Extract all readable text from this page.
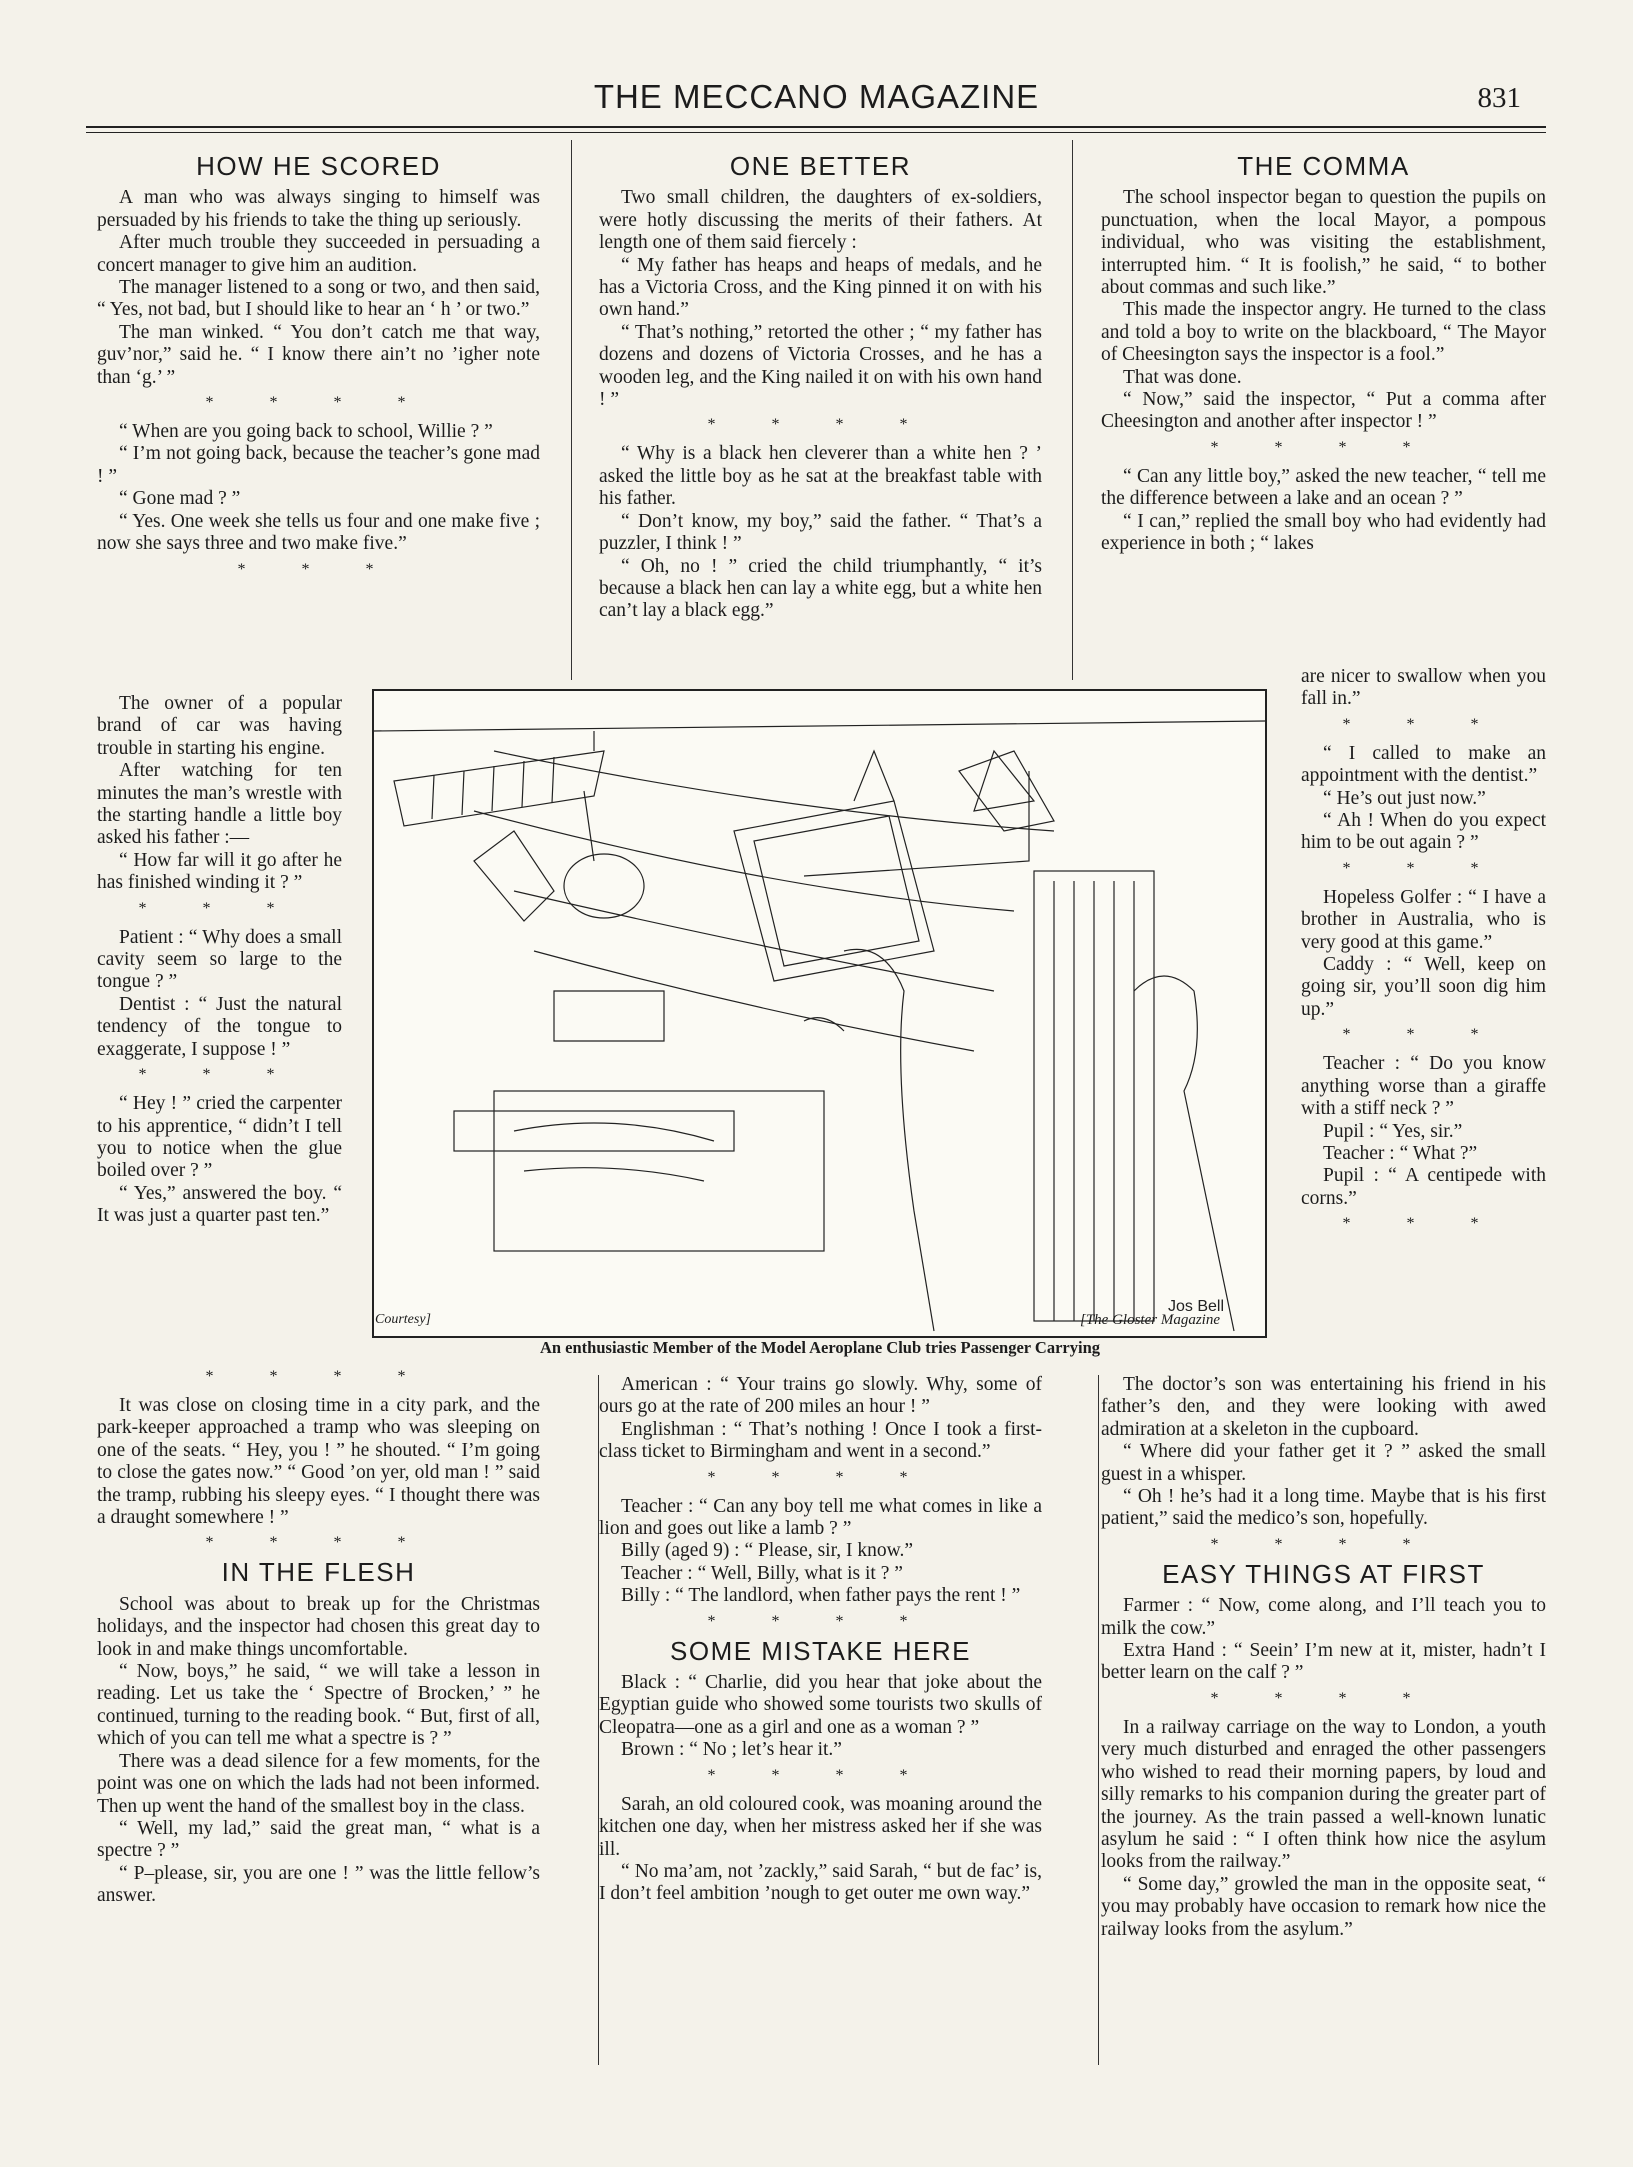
THE MECCANO MAGAZINE	831
HOW HE SCORED

A man who was always singing to himself was persuaded by his friends to take the thing up seriously.

After much trouble they succeeded in persuading a concert manager to give him an audition.

The manager listened to a song or two, and then said, “ Yes, not bad, but I should like to hear an ‘ h ’ or two.”

The man winked. “ You don’t catch me that way, guv’nor,” said he. “ I know there ain’t no ’igher note than ‘g.’ ”

* * * *

“ When are you going back to school, Willie ? ”

“ I’m not going back, because the teacher’s gone mad ! ”

“ Gone mad ? ”

“ Yes. One week she tells us four and one make five ; now she says three and two make five.”

* * *

The owner of a popular brand of car was having trouble in starting his engine.

After watching for ten minutes the man’s wrestle with the starting handle a little boy asked his father :—

“ How far will it go after he has finished winding it ? ”

* * *

Patient : “ Why does a small cavity seem so large to the tongue ? ”

Dentist : “ Just the natural tendency of the tongue to exaggerate, I suppose ! ”

* * *

“ Hey ! ” cried the carpenter to his apprentice, “ didn’t I tell you to notice when the glue boiled over ? ”

“ Yes,” answered the boy. “ It was just a quarter past ten.”

* * * *

It was close on closing time in a city park, and the park-keeper approached a tramp who was sleeping on one of the seats. “ Hey, you ! ” he shouted. “ I’m going to close the gates now.” “ Good ’on yer, old man ! ” said the tramp, rubbing his sleepy eyes. “ I thought there was a draught somewhere ! ”

* * * *
IN THE FLESH

School was about to break up for the Christmas holidays, and the inspector had chosen this great day to look in and make things uncomfortable.

“ Now, boys,” he said, “ we will take a lesson in reading. Let us take the ‘ Spectre of Brocken,’ ” he continued, turning to the reading book. “ But, first of all, which of you can tell me what a spectre is ? ”

There was a dead silence for a few moments, for the point was one on which the lads had not been informed. Then up went the hand of the smallest boy in the class.

“ Well, my lad,” said the great man, “ what is a spectre ? ”

“ P–please, sir, you are one ! ” was the little fellow’s answer.

ONE BETTER

Two small children, the daughters of ex-soldiers, were hotly discussing the merits of their fathers. At length one of them said fiercely :

“ My father has heaps and heaps of medals, and he has a Victoria Cross, and the King pinned it on with his own hand.”

“ That’s nothing,” retorted the other ; “ my father has dozens and dozens of Victoria Crosses, and he has a wooden leg, and the King nailed it on with his own hand ! ”

* * * *

“ Why is a black hen cleverer than a white hen ? ’ asked the little boy as he sat at the breakfast table with his father.

“ Don’t know, my boy,” said the father. “ That’s a puzzler, I think ! ”

“ Oh, no ! ” cried the child triumphantly, “ it’s because a black hen can lay a white egg, but a white hen can’t lay a black egg.”

American : “ Your trains go slowly. Why, some of ours go at the rate of 200 miles an hour ! ”

Englishman : “ That’s nothing ! Once I took a first-class ticket to Birmingham and went in a second.”

* * * *

Teacher : “ Can any boy tell me what comes in like a lion and goes out like a lamb ? ”

Billy (aged 9) : “ Please, sir, I know.”

Teacher : “ Well, Billy, what is it ? ”

Billy : “ The landlord, when father pays the rent ! ”

* * * *
SOME MISTAKE HERE

Black : “ Charlie, did you hear that joke about the Egyptian guide who showed some tourists two skulls of Cleopatra—one as a girl and one as a woman ? ”

Brown : “ No ; let’s hear it.”

* * * *

Sarah, an old coloured cook, was moaning around the kitchen one day, when her mistress asked her if she was ill.

“ No ma’am, not ’zackly,” said Sarah, “ but de fac’ is, I don’t feel ambition ’nough to get outer me own way.”

THE COMMA

The school inspector began to question the pupils on punctuation, when the local Mayor, a pompous individual, who was visiting the establishment, interrupted him. “ It is foolish,” he said, “ to bother about commas and such like.”

This made the inspector angry. He turned to the class and told a boy to write on the blackboard, “ The Mayor of Cheesington says the inspector is a fool.”

That was done.

“ Now,” said the inspector, “ Put a comma after Cheesington and another after inspector ! ”

* * * *

“ Can any little boy,” asked the new teacher, “ tell me the difference between a lake and an ocean ? ”

“ I can,” replied the small boy who had evidently had experience in both ; “ lakes

are nicer to swallow when you fall in.”

* * *

“ I called to make an appointment with the dentist.”

“ He’s out just now.”

“ Ah ! When do you expect him to be out again ? ”

* * *

Hopeless Golfer : “ I have a brother in Australia, who is very good at this game.”

Caddy : “ Well, keep on going sir, you’ll soon dig him up.”

* * *

Teacher : “ Do you know anything worse than a giraffe with a stiff neck ? ”

Pupil : “ Yes, sir.”

Teacher : “ What ?”

Pupil : “ A centipede with corns.”

* * *

The doctor’s son was entertaining his friend in his father’s den, and they were looking with awed admiration at a skeleton in the cupboard.

“ Where did your father get it ? ” asked the small guest in a whisper.

“ Oh ! he’s had it a long time. Maybe that is his first patient,” said the medico’s son, hopefully.

* * * *
EASY THINGS AT FIRST

Farmer : “ Now, come along, and I’ll teach you to milk the cow.”

Extra Hand : “ Seein’ I’m new at it, mister, hadn’t I better learn on the calf ? ”

* * * *

In a railway carriage on the way to London, a youth very much disturbed and enraged the other passengers who wished to read their morning papers, by loud and silly remarks to his companion during the greater part of the journey. As the train passed a well-known lunatic asylum he said : “ I often think how nice the asylum looks from the railway.”

“ Some day,” growled the man in the opposite seat, “ you may probably have occasion to remark how nice the railway looks from the asylum.”

Jos Bell
Courtesy]	[The Gloster Magazine
An enthusiastic Member of the Model Aeroplane Club tries Passenger Carrying
